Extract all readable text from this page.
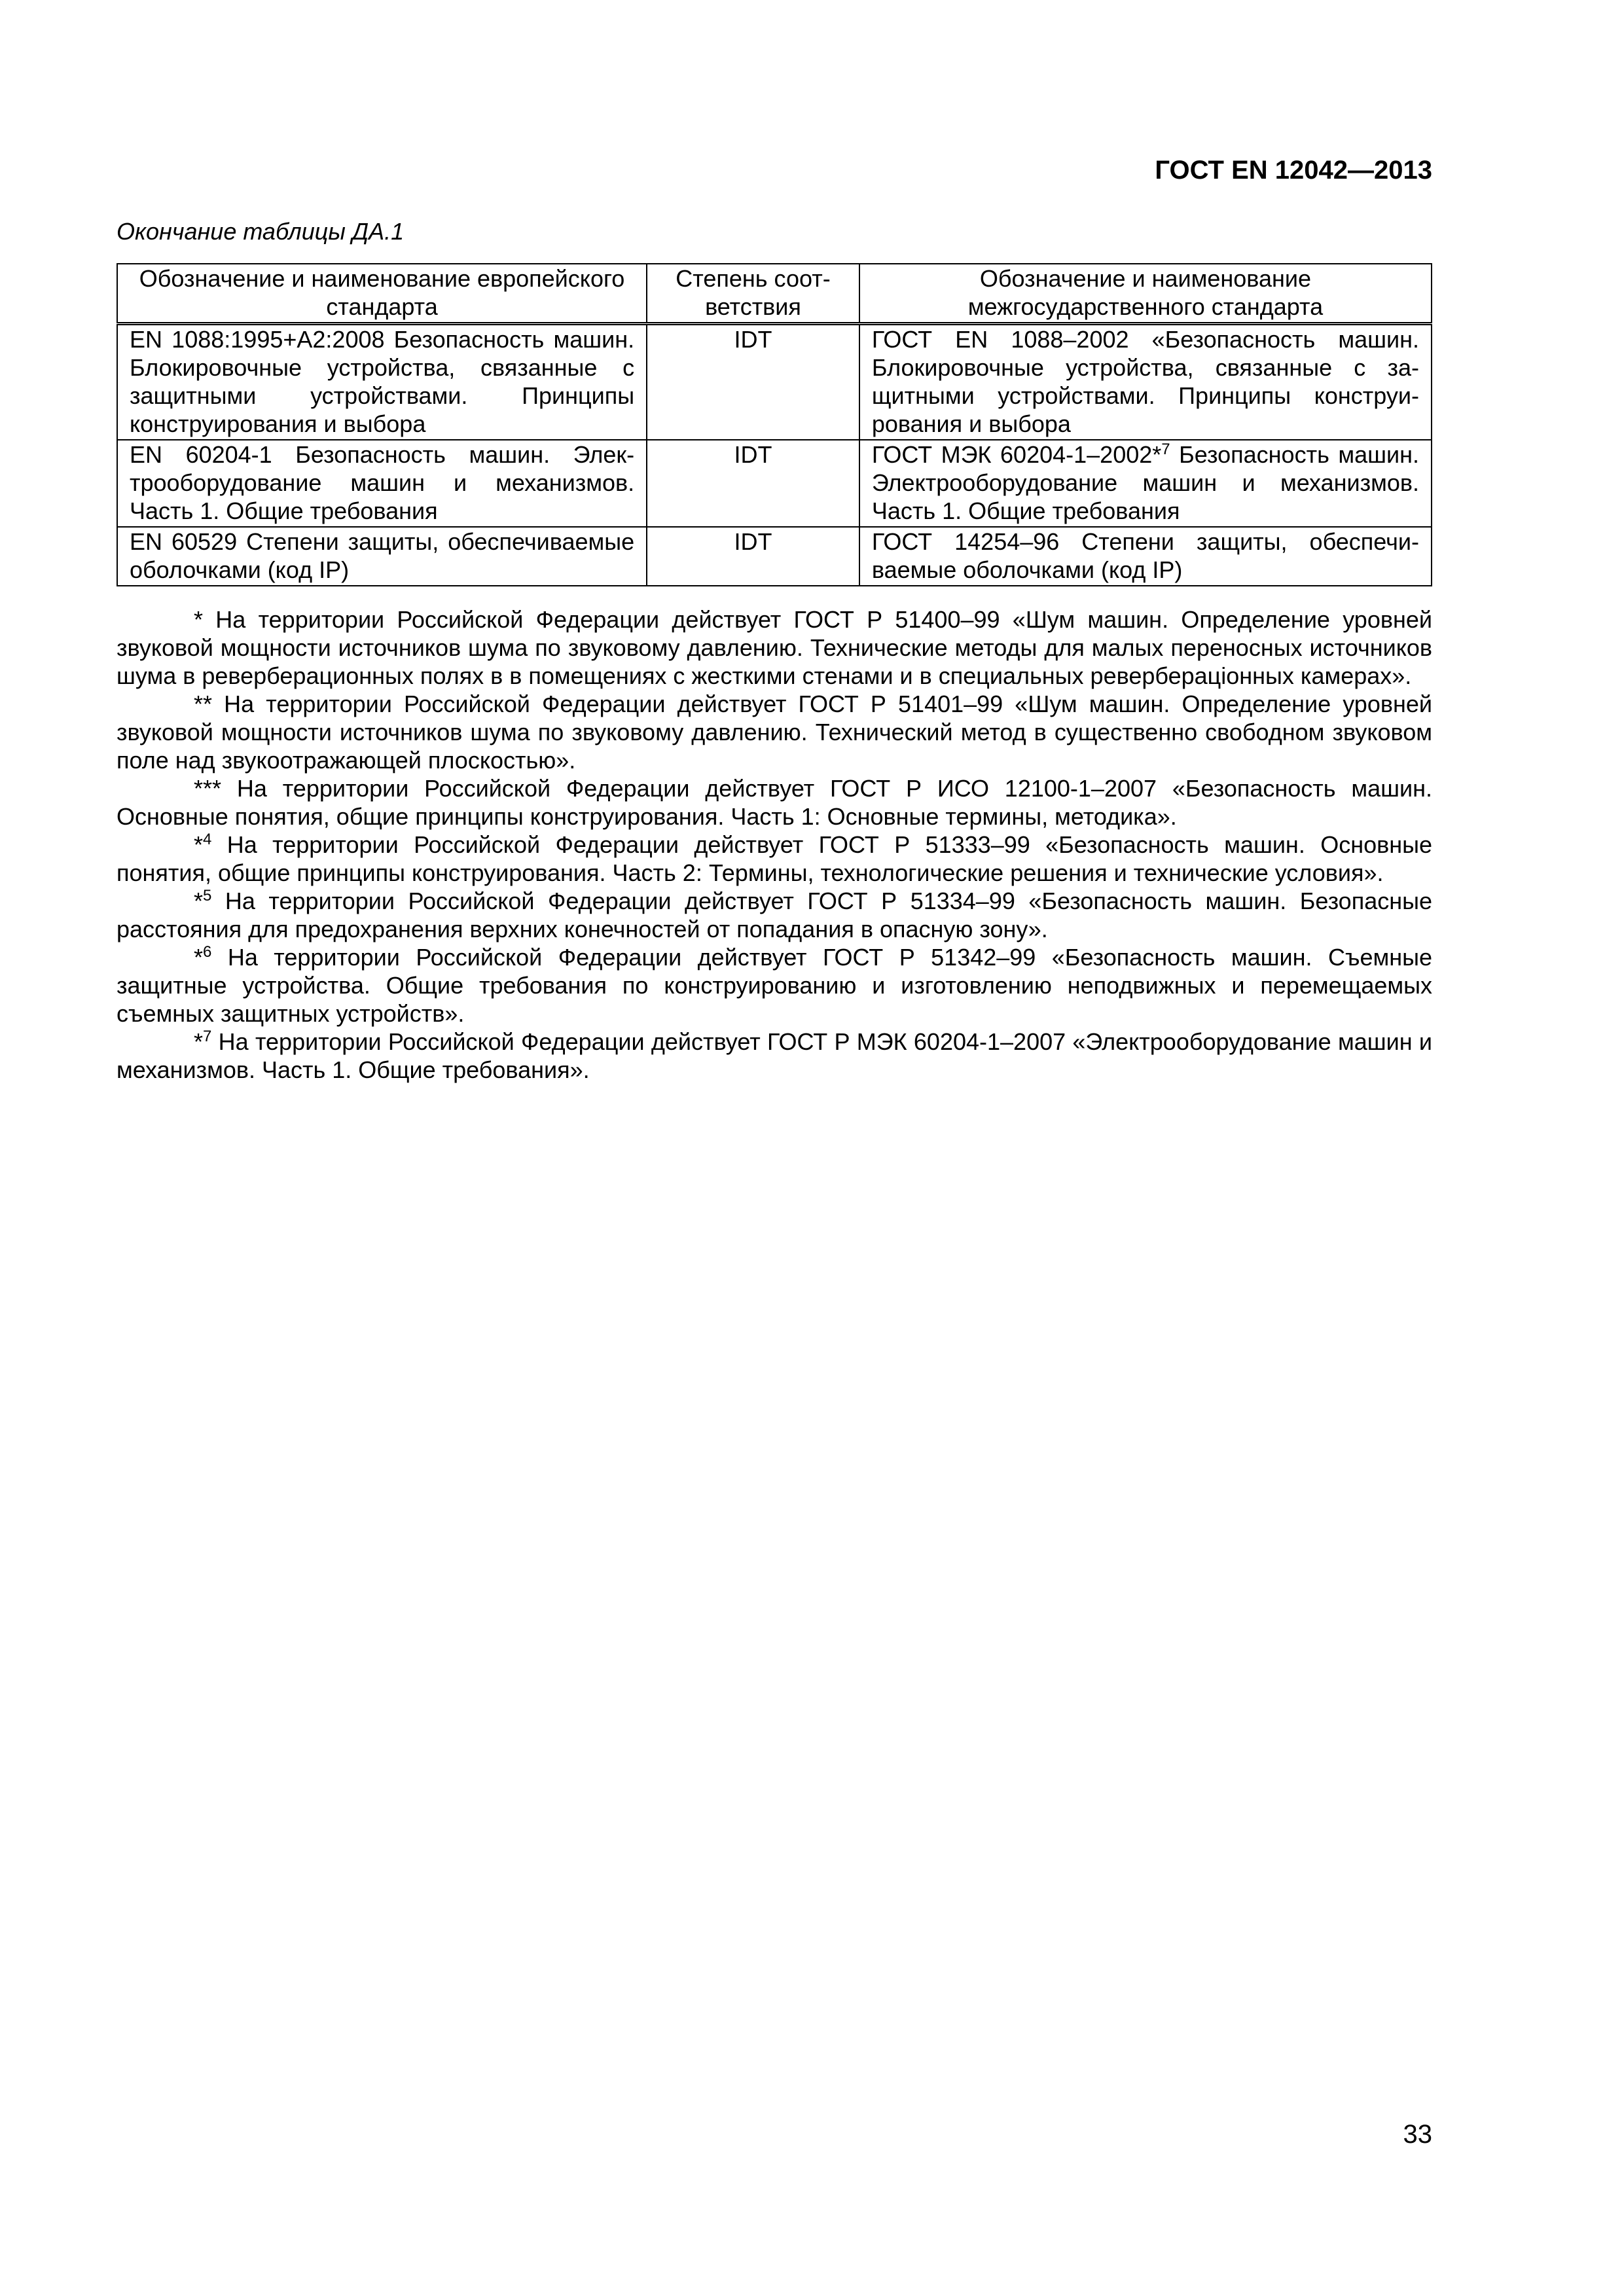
ГОСТ EN 12042—2013
Окончание таблицы ДА.1
Обозначение и наименование европейского стандарта	Степень соответствия	Обозначение и наименование межгосударственного стандарта
EN 1088:1995+A2:2008 Безопасность машин. Блокировочные устройства, связанные с защитными устройствами. Принципы конструирования и выбора	IDT	ГОСТ EN 1088–2002 «Безопасность машин. Блокировочные устройства, связанные с защитными устройствами. Принципы конструирования и выбора
EN 60204-1 Безопасность машин. Электрооборудование машин и механизмов. Часть 1. Общие требования	IDT	ГОСТ МЭК 60204-1–2002*$^7$ Безопасность машин. Электрооборудование машин и механизмов. Часть 1. Общие требования
EN 60529 Степени защиты, обеспечиваемые оболочками (код IP)	IDT	ГОСТ 14254–96 Степени защиты, обеспечиваемые оболочками (код IP)

* На территории Российской Федерации действует ГОСТ Р 51400–99 «Шум машин. Определение уровней звуковой мощности источников шума по звуковому давлению. Технические методы для малых переносных источников шума в реверберационных полях в в помещениях с жесткими стенами и в специальных реверберацiонных камерах».

** На территории Российской Федерации действует ГОСТ Р 51401–99 «Шум машин. Определение уровней звуковой мощности источников шума по звуковому давлению. Технический метод в существенно свободном звуковом поле над звукоотражающей плоскостью».

*** На территории Российской Федерации действует ГОСТ Р ИСО 12100-1–2007 «Безопасность машин. Основные понятия, общие принципы конструирования. Часть 1: Основные термины, методика».

*$^4$ На территории Российской Федерации действует ГОСТ Р 51333–99 «Безопасность машин. Основные понятия, общие принципы конструирования. Часть 2: Термины, технологические решения и технические условия».

*$^5$ На территории Российской Федерации действует ГОСТ Р 51334–99 «Безопасность машин. Безопасные расстояния для предохранения верхних конечностей от попадания в опасную зону».

*$^6$ На территории Российской Федерации действует ГОСТ Р 51342–99 «Безопасность машин. Съемные защитные устройства. Общие требования по конструированию и изготовлению неподвижных и перемещаемых съемных защитных устройств».

*$^7$ На территории Российской Федерации действует ГОСТ Р МЭК 60204-1–2007 «Электрооборудование машин и механизмов. Часть 1. Общие требования».

33
